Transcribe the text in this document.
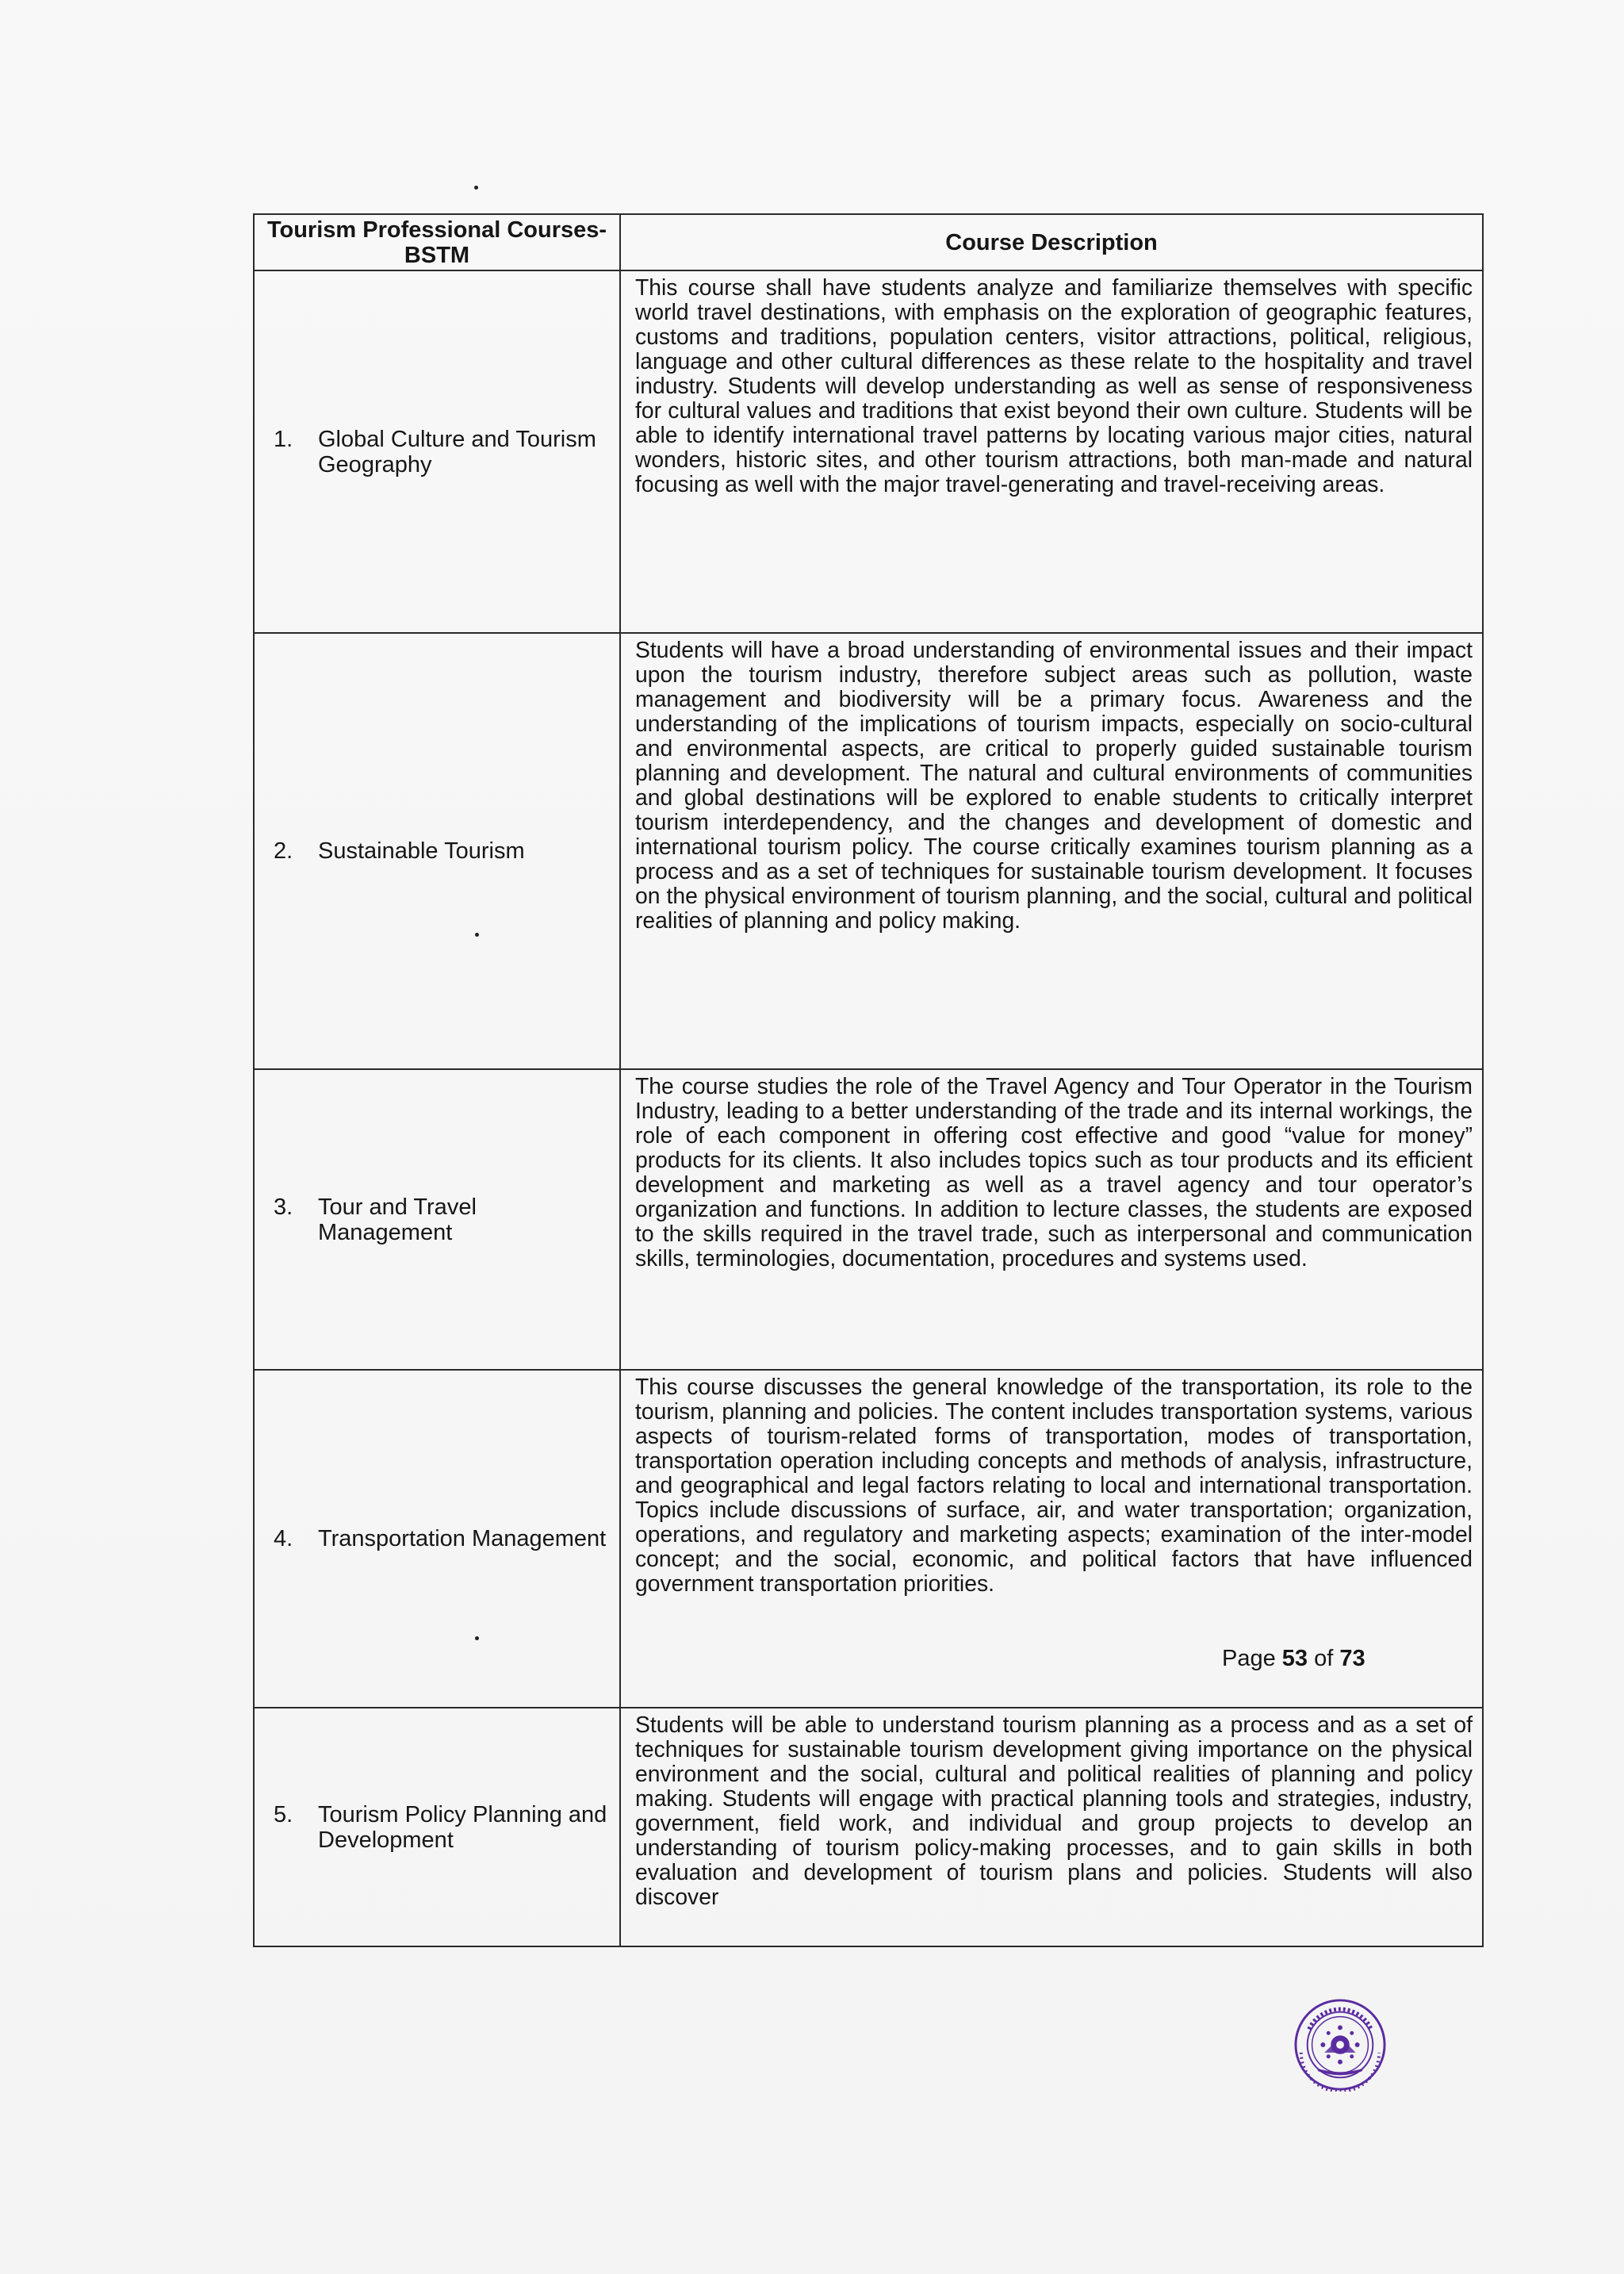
Tourism Professional Courses-BSTM	Course Description

1. Global Culture and Tourism Geography	This course shall have students analyze and familiarize themselves with specific world travel destinations, with emphasis on the exploration of geographic features, customs and traditions, population centers, visitor attractions, political, religious, language and other cultural differences as these relate to the hospitality and travel industry. Students will develop understanding as well as sense of responsiveness for cultural values and traditions that exist beyond their own culture. Students will be able to identify international travel patterns by locating various major cities, natural wonders, historic sites, and other tourism attractions, both man-made and natural focusing as well with the major travel-generating and travel-receiving areas.

2. Sustainable Tourism	Students will have a broad understanding of environmental issues and their impact upon the tourism industry, therefore subject areas such as pollution, waste management and biodiversity will be a primary focus. Awareness and the understanding of the implications of tourism impacts, especially on socio-cultural and environmental aspects, are critical to properly guided sustainable tourism planning and development. The natural and cultural environments of communities and global destinations will be explored to enable students to critically interpret tourism interdependency, and the changes and development of domestic and international tourism policy. The course critically examines tourism planning as a process and as a set of techniques for sustainable tourism development. It focuses on the physical environment of tourism planning, and the social, cultural and political realities of planning and policy making.

3. Tour and Travel Management	The course studies the role of the Travel Agency and Tour Operator in the Tourism Industry, leading to a better understanding of the trade and its internal workings, the role of each component in offering cost effective and good “value for money” products for its clients. It also includes topics such as tour products and its efficient development and marketing as well as a travel agency and tour operator’s organization and functions. In addition to lecture classes, the students are exposed to the skills required in the travel trade, such as interpersonal and communication skills, terminologies, documentation, procedures and systems used.

4. Transportation Management	This course discusses the general knowledge of the transportation, its role to the tourism, planning and policies. The content includes transportation systems, various aspects of tourism-related forms of transportation, modes of transportation, transportation operation including concepts and methods of analysis, infrastructure, and geographical and legal factors relating to local and international transportation. Topics include discussions of surface, air, and water transportation; organization, operations, and regulatory and marketing aspects; examination of the inter-model concept; and the social, economic, and political factors that have influenced government transportation priorities.

5. Tourism Policy Planning and Development	Students will be able to understand tourism planning as a process and as a set of techniques for sustainable tourism development giving importance on the physical environment and the social, cultural and political realities of planning and policy making. Students will engage with practical planning tools and strategies, industry, government, field work, and individual and group projects to develop an understanding of tourism policy-making processes, and to gain skills in both evaluation and development of tourism plans and policies. Students will also discover
Page 53 of 73
